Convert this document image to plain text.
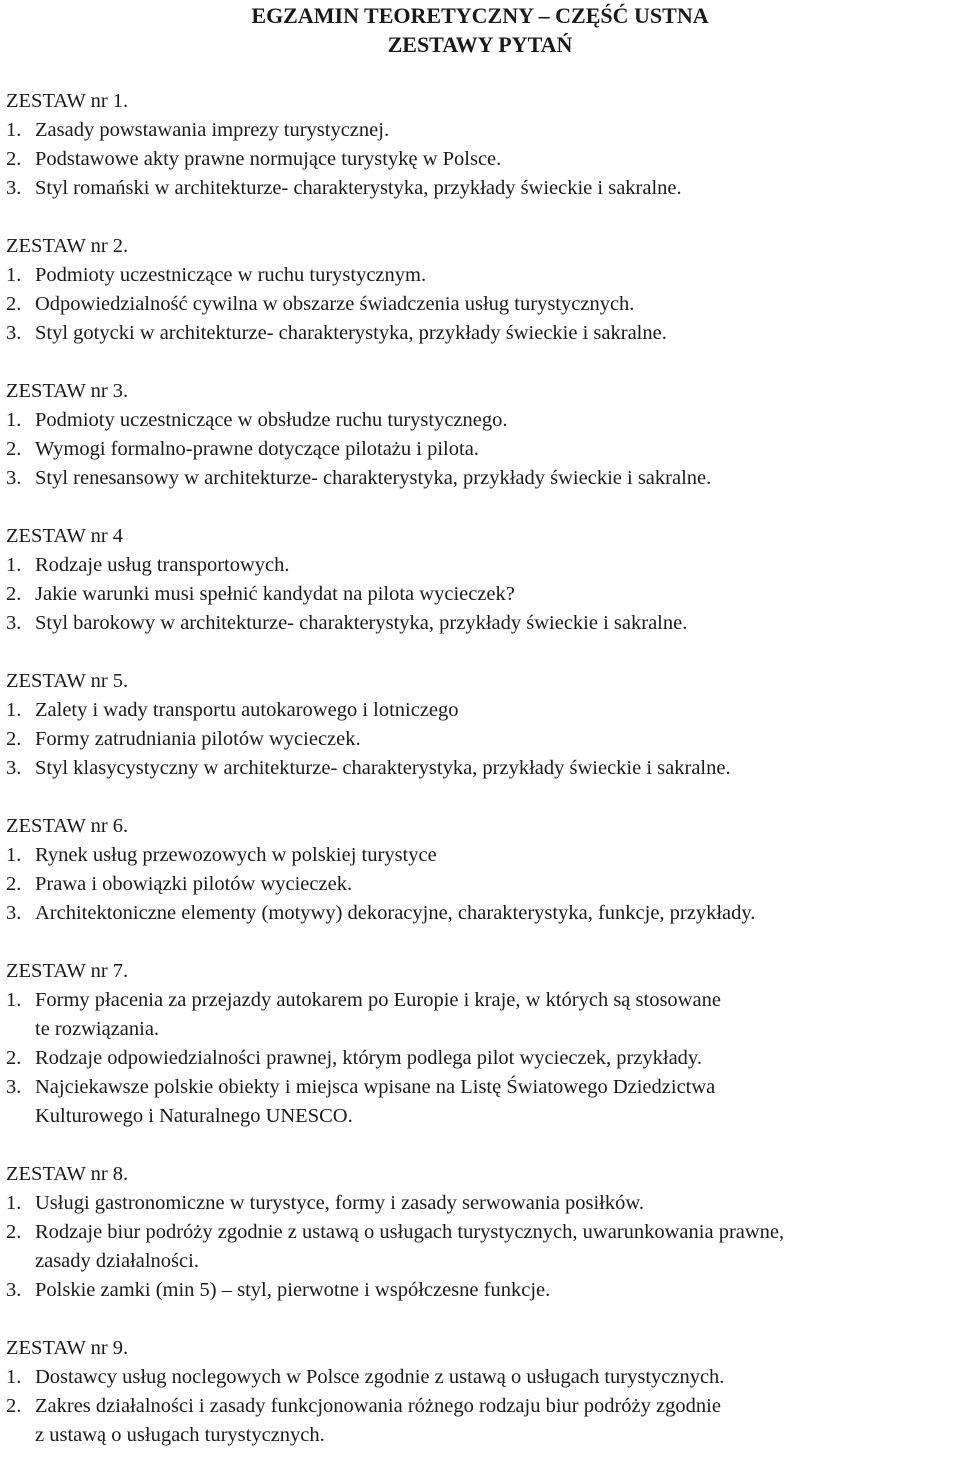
EGZAMIN TEORETYCZNY – CZĘŚĆ USTNA
ZESTAWY PYTAŃ
ZESTAW nr 1.
1. Zasady powstawania imprezy turystycznej.
2. Podstawowe akty prawne normujące turystykę w Polsce.
3. Styl romański w architekturze- charakterystyka, przykłady świeckie i sakralne.
ZESTAW nr 2.
1. Podmioty uczestniczące w ruchu turystycznym.
2. Odpowiedzialność cywilna w obszarze świadczenia usług turystycznych.
3. Styl gotycki w architekturze- charakterystyka, przykłady świeckie i sakralne.
ZESTAW nr 3.
1. Podmioty uczestniczące w obsłudze ruchu turystycznego.
2. Wymogi formalno-prawne dotyczące pilotażu i pilota.
3. Styl renesansowy w architekturze- charakterystyka, przykłady świeckie i sakralne.
ZESTAW nr 4
1. Rodzaje usług transportowych.
2. Jakie warunki musi spełnić kandydat na pilota wycieczek?
3. Styl barokowy w architekturze- charakterystyka, przykłady świeckie i sakralne.
ZESTAW nr 5.
1. Zalety i wady transportu autokarowego i lotniczego
2. Formy zatrudniania pilotów wycieczek.
3. Styl klasycystyczny w architekturze- charakterystyka, przykłady świeckie i sakralne.
ZESTAW nr 6.
1. Rynek usług przewozowych w polskiej turystyce
2. Prawa i obowiązki pilotów wycieczek.
3. Architektoniczne elementy (motywy) dekoracyjne, charakterystyka, funkcje, przykłady.
ZESTAW nr 7.
1. Formy płacenia za przejazdy autokarem po Europie i kraje, w których są stosowane
te rozwiązania.
2. Rodzaje odpowiedzialności prawnej, którym podlega pilot wycieczek, przykłady.
3. Najciekawsze polskie obiekty i miejsca wpisane na Listę Światowego Dziedzictwa
Kulturowego i Naturalnego UNESCO.
ZESTAW nr 8.
1. Usługi gastronomiczne w turystyce, formy i zasady serwowania posiłków.
2. Rodzaje biur podróży zgodnie z ustawą o usługach turystycznych, uwarunkowania prawne,
zasady działalności.
3. Polskie zamki (min 5) – styl, pierwotne i współczesne funkcje.
ZESTAW nr 9.
1. Dostawcy usług noclegowych w Polsce zgodnie z ustawą o usługach turystycznych.
2. Zakres działalności i zasady funkcjonowania różnego rodzaju biur podróży zgodnie
z ustawą o usługach turystycznych.
